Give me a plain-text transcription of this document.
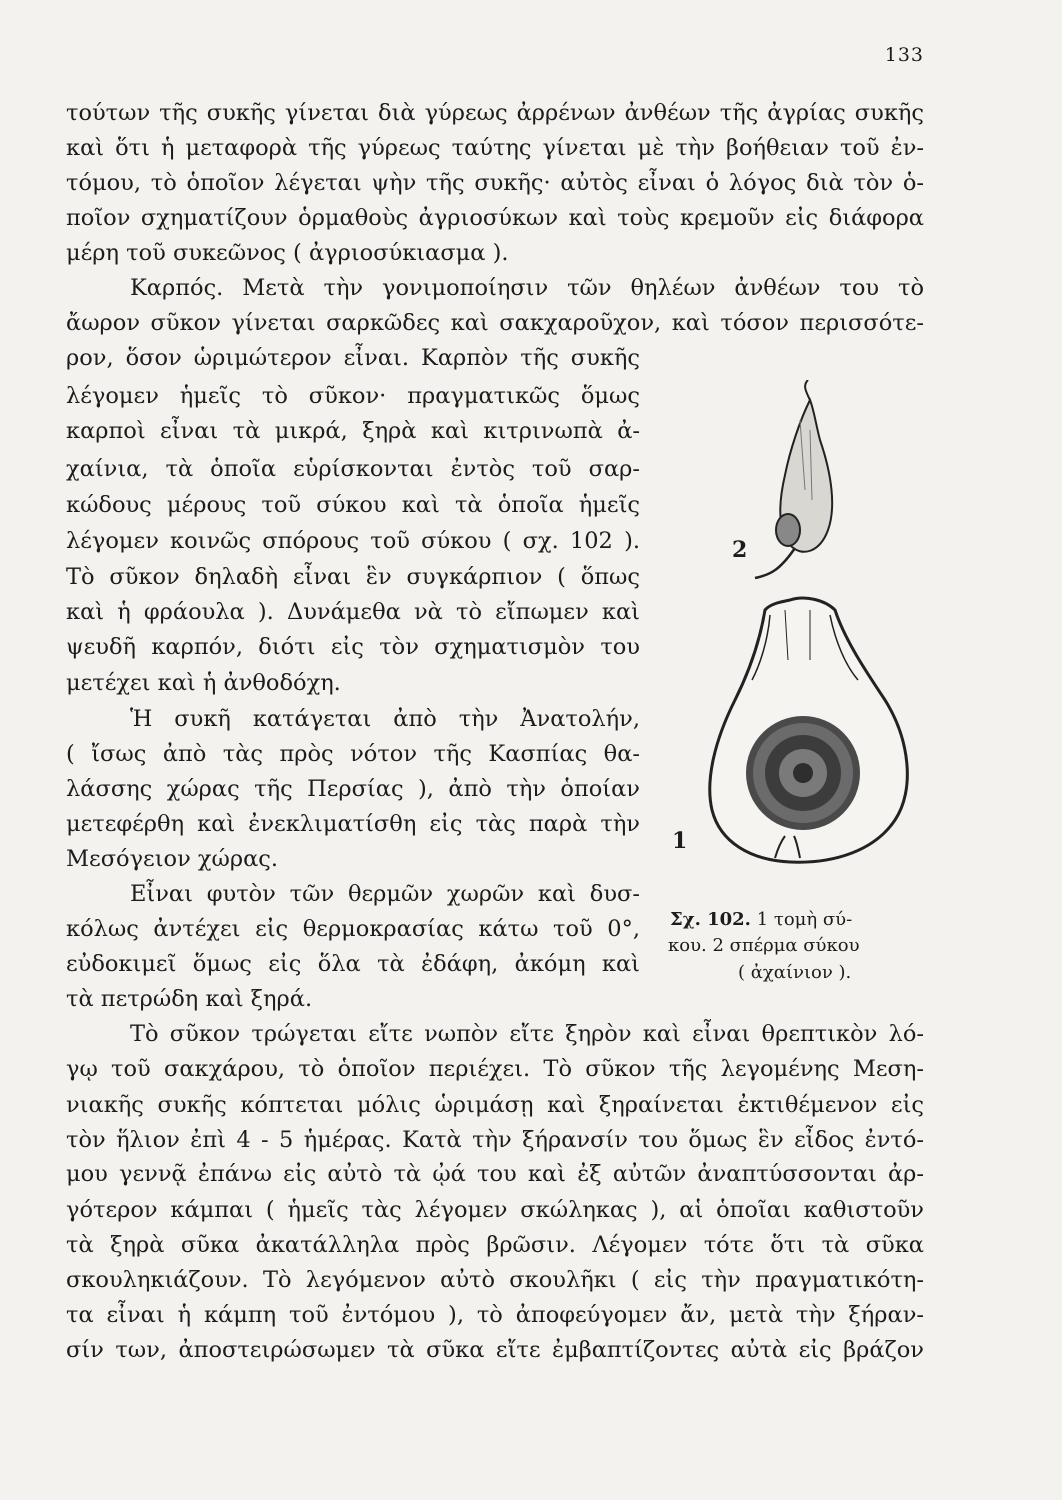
133
τούτων τῆς συκῆς γίνεται διὰ γύρεως ἀρρένων ἀνθέων τῆς ἀγρίας συκῆς
καὶ ὅτι ἡ μεταφορὰ τῆς γύρεως ταύτης γίνεται μὲ τὴν βοήθειαν τοῦ ἐν-
τόμου, τὸ ὁποῖον λέγεται ψὴν τῆς συκῆς· αὐτὸς εἶναι ὁ λόγος διὰ τὸν ὁ-
ποῖον σχηματίζουν ὁρμαθοὺς ἀγριοσύκων καὶ τοὺς κρεμοῦν εἰς διάφορα
μέρη τοῦ συκεῶνος ( ἀγριοσύκιασμα ).
Καρπός. Μετὰ τὴν γονιμοποίησιν τῶν θηλέων ἀνθέων του τὸ
ἄωρον σῦκον γίνεται σαρκῶδες καὶ σακχαροῦχον, καὶ τόσον περισσότε-
ρον, ὅσον ὡριμώτερον εἶναι. Καρπὸν τῆς συκῆς
λέγομεν ἡμεῖς τὸ σῦκον· πραγματικῶς ὅμως
καρποὶ εἶναι τὰ μικρά, ξηρὰ καὶ κιτρινωπὰ ἀ-
χαίνια, τὰ ὁποῖα εὑρίσκονται ἐντὸς τοῦ σαρ-
κώδους μέρους τοῦ σύκου καὶ τὰ ὁποῖα ἡμεῖς
λέγομεν κοινῶς σπόρους τοῦ σύκου ( σχ. 102 ).
Τὸ σῦκον δηλαδὴ εἶναι ἓν συγκάρπιον ( ὅπως
καὶ ἡ φράουλα ). Δυνάμεθα νὰ τὸ εἴπωμεν καὶ
ψευδῆ καρπόν, διότι εἰς τὸν σχηματισμὸν του
μετέχει καὶ ἡ ἀνθοδόχη.
Ἡ συκῆ κατάγεται ἀπὸ τὴν Ἀνατολήν,
( ἴσως ἀπὸ τὰς πρὸς νότον τῆς Κασπίας θα-
λάσσης χώρας τῆς Περσίας ), ἀπὸ τὴν ὁποίαν
μετεφέρθη καὶ ἐνεκλιματίσθη εἰς τὰς παρὰ τὴν
Μεσόγειον χώρας.
Εἶναι φυτὸν τῶν θερμῶν χωρῶν καὶ δυσ-
κόλως ἀντέχει εἰς θερμοκρασίας κάτω τοῦ 0°,
εὐδοκιμεῖ ὅμως εἰς ὅλα τὰ ἐδάφη, ἀκόμη καὶ
τὰ πετρώδη καὶ ξηρά.
2
1
Σχ. 102. 1 τομὴ σύ-
κου. 2 σπέρμα σύκου
( ἀχαίνιον ).
Τὸ σῦκον τρώγεται εἴτε νωπὸν εἴτε ξηρὸν καὶ εἶναι θρεπτικὸν λό-
γῳ τοῦ σακχάρου, τὸ ὁποῖον περιέχει. Τὸ σῦκον τῆς λεγομένης Μεση-
νιακῆς συκῆς κόπτεται μόλις ὡριμάσῃ καὶ ξηραίνεται ἐκτιθέμενον εἰς
τὸν ἥλιον ἐπὶ 4 - 5 ἡμέρας. Κατὰ τὴν ξήρανσίν του ὅμως ἓν εἶδος ἐντό-
μου γεννᾷ ἐπάνω εἰς αὐτὸ τὰ ᾠά του καὶ ἐξ αὐτῶν ἀναπτύσσονται ἀρ-
γότερον κάμπαι ( ἡμεῖς τὰς λέγομεν σκώληκας ), αἱ ὁποῖαι καθιστοῦν
τὰ ξηρὰ σῦκα ἀκατάλληλα πρὸς βρῶσιν. Λέγομεν τότε ὅτι τὰ σῦκα
σκουληκιάζουν. Τὸ λεγόμενον αὐτὸ σκουλῆκι ( εἰς τὴν πραγματικότη-
τα εἶναι ἡ κάμπη τοῦ ἐντόμου ), τὸ ἀποφεύγομεν ἄν, μετὰ τὴν ξήραν-
σίν των, ἀποστειρώσωμεν τὰ σῦκα εἴτε ἐμβαπτίζοντες αὐτὰ εἰς βράζον
